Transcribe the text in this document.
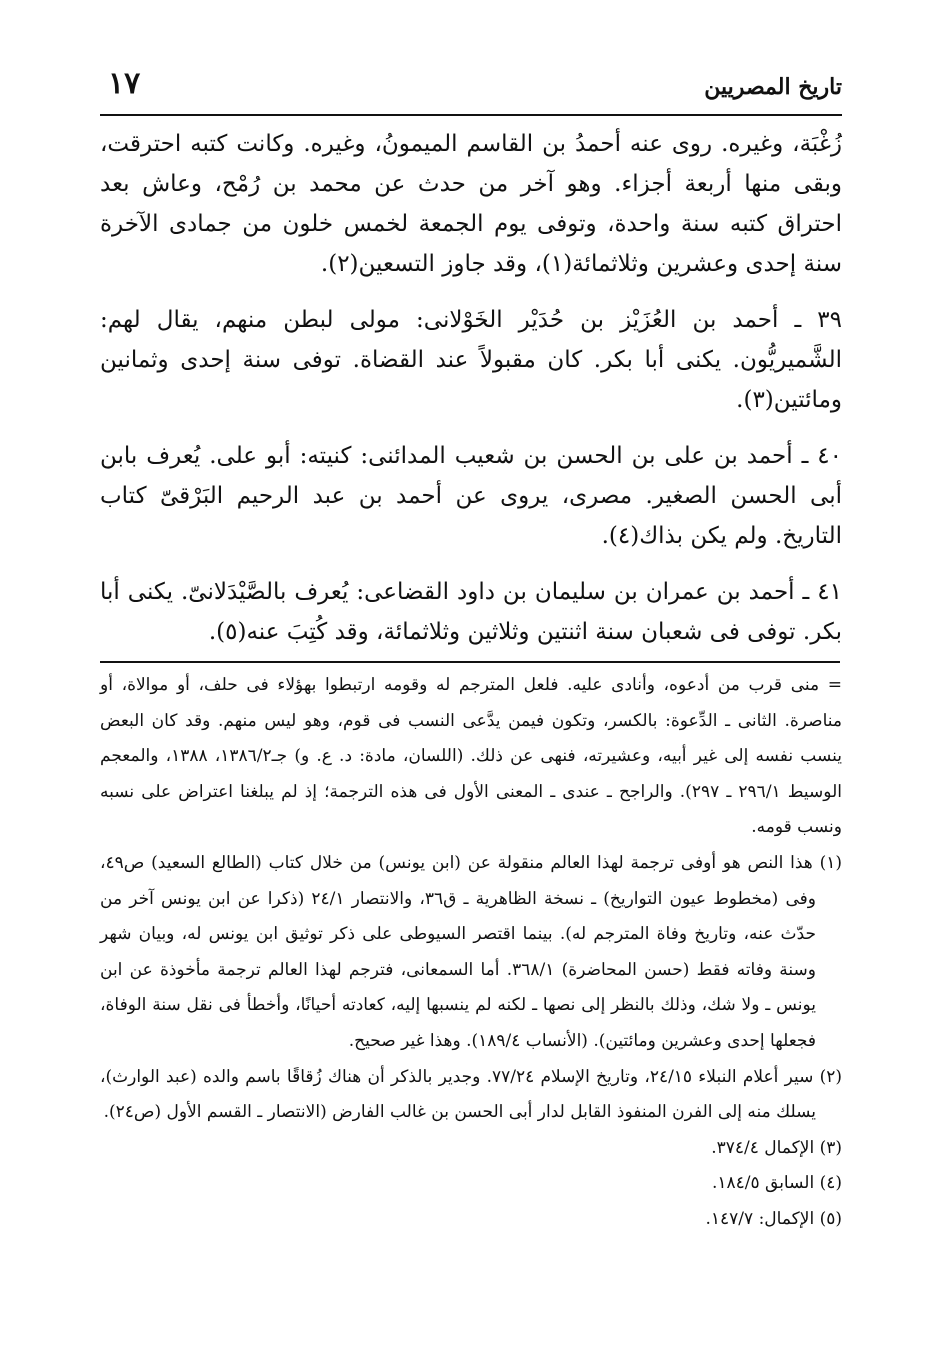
١٧	تاريخ المصريين

زُغْبَة، وغيره. روى عنه أحمدُ بن القاسم الميمونُ، وغيره. وكانت كتبه احترقت، وبقى منها أربعة أجزاء. وهو آخر من حدث عن محمد بن رُمْح، وعاش بعد احتراق كتبه سنة واحدة، وتوفى يوم الجمعة لخمس خلون من جمادى الآخرة سنة إحدى وعشرين وثلاثمائة(١)، وقد جاوز التسعين(٢).

٣٩ ـ أحمد بن العُزَيْز بن حُدَيْر الخَوْلانى: مولى لبطن منهم، يقال لهم: الشَّميريُّون. يكنى أبا بكر. كان مقبولاً عند القضاة. توفى سنة إحدى وثمانين ومائتين(٣).

٤٠ ـ أحمد بن على بن الحسن بن شعيب المدائنى: كنيته: أبو على. يُعرف بابن أبى الحسن الصغير. مصرى، يروى عن أحمد بن عبد الرحيم البَرْقىّ كتاب التاريخ. ولم يكن بذاك(٤).

٤١ ـ أحمد بن عمران بن سليمان بن داود القضاعى: يُعرف بالصَّيْدَلانىّ. يكنى أبا بكر. توفى فى شعبان سنة اثنتين وثلاثين وثلاثمائة، وقد كُتِبَ عنه(٥).

= منى قرب من أدعوه، وأنادى عليه. فلعل المترجم له وقومه ارتبطوا بهؤلاء فى حلف، أو موالاة، أو مناصرة. الثانى ـ الدِّعوة: بالكسر، وتكون فيمن يدَّعى النسب فى قوم، وهو ليس منهم. وقد كان البعض ينسب نفسه إلى غير أبيه، وعشيرته، فنهى عن ذلك. (اللسان، مادة: د. ع. و) جـ١٣٨٦/٢، ١٣٨٨، والمعجم الوسيط ٢٩٦/١ ـ ٢٩٧). والراجح ـ عندى ـ المعنى الأول فى هذه الترجمة؛ إذ لم يبلغنا اعتراض على نسبه ونسب قومه.

(١) هذا النص هو أوفى ترجمة لهذا العالم منقولة عن (ابن يونس) من خلال كتاب (الطالع السعيد) ص٤٩، وفى (مخطوط عيون التواريخ) ـ نسخة الظاهرية ـ ق٣٦، والانتصار ٢٤/١ (ذكرا عن ابن يونس آخر من حدّث عنه، وتاريخ وفاة المترجم له). بينما اقتصر السيوطى على ذكر توثيق ابن يونس له، وبيان شهر وسنة وفاته فقط (حسن المحاضرة) ٣٦٨/١. أما السمعانى، فترجم لهذا العالم ترجمة مأخوذة عن ابن يونس ـ ولا شك، وذلك بالنظر إلى نصها ـ لكنه لم ينسبها إليه، كعادته أحيانًا، وأخطأ فى نقل سنة الوفاة، فجعلها إحدى وعشرين ومائتين). (الأنساب ١٨٩/٤). وهذا غير صحيح.

(٢) سير أعلام النبلاء ٢٤/١٥، وتاريخ الإسلام ٧٧/٢٤. وجدير بالذكر أن هناك زُقاقًا باسم والده (عبد الوارث)، يسلك منه إلى الفرن المنفوذ القابل لدار أبى الحسن بن غالب الفارض (الانتصار ـ القسم الأول (ص٢٤).

(٣) الإكمال ٣٧٤/٤.

(٤) السابق ١٨٤/٥.

(٥) الإكمال: ١٤٧/٧.
